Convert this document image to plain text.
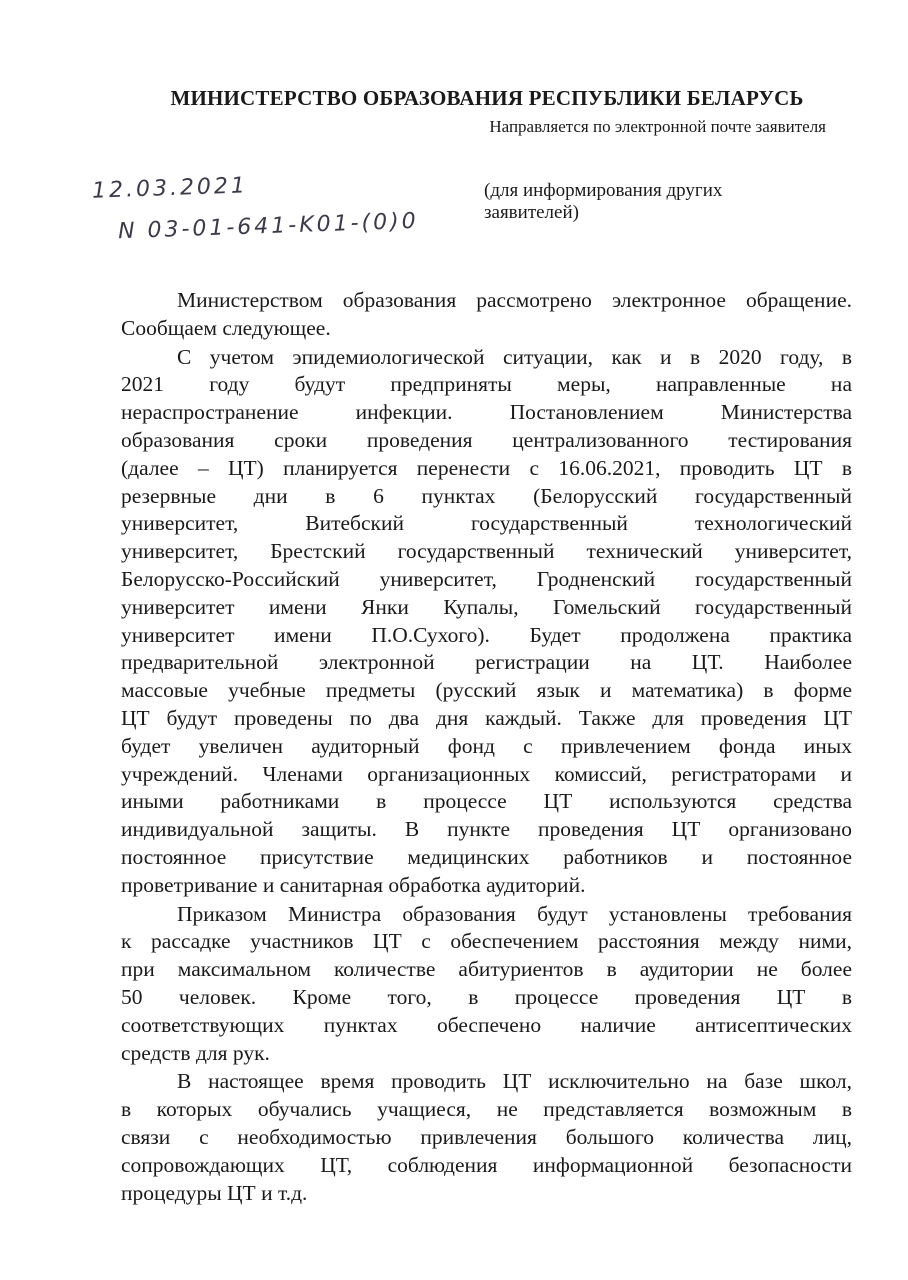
МИНИСТЕРСТВО ОБРАЗОВАНИЯ РЕСПУБЛИКИ БЕЛАРУСЬ
Направляется по электронной почте заявителя
12.03.2021
N 03-01-641-K01-(0)0
(для информирования других
заявителей)
Министерством образования рассмотрено электронное обращение.
Сообщаем следующее.
С учетом эпидемиологической ситуации, как и в 2020 году, в
2021 году будут предприняты меры, направленные на
нераспространение инфекции. Постановлением Министерства
образования сроки проведения централизованного тестирования
(далее – ЦТ) планируется перенести с 16.06.2021, проводить ЦТ в
резервные дни в 6 пунктах (Белорусский государственный
университет, Витебский государственный технологический
университет, Брестский государственный технический университет,
Белорусско-Российский университет, Гродненский государственный
университет имени Янки Купалы, Гомельский государственный
университет имени П.О.Сухого). Будет продолжена практика
предварительной электронной регистрации на ЦТ. Наиболее
массовые учебные предметы (русский язык и математика) в форме
ЦТ будут проведены по два дня каждый. Также для проведения ЦТ
будет увеличен аудиторный фонд с привлечением фонда иных
учреждений. Членами организационных комиссий, регистраторами и
иными работниками в процессе ЦТ используются средства
индивидуальной защиты. В пункте проведения ЦТ организовано
постоянное присутствие медицинских работников и постоянное
проветривание и санитарная обработка аудиторий.
Приказом Министра образования будут установлены требования
к рассадке участников ЦТ с обеспечением расстояния между ними,
при максимальном количестве абитуриентов в аудитории не более
50 человек. Кроме того, в процессе проведения ЦТ в
соответствующих пунктах обеспечено наличие антисептических
средств для рук.
В настоящее время проводить ЦТ исключительно на базе школ,
в которых обучались учащиеся, не представляется возможным в
связи с необходимостью привлечения большого количества лиц,
сопровождающих ЦТ, соблюдения информационной безопасности
процедуры ЦТ и т.д.
